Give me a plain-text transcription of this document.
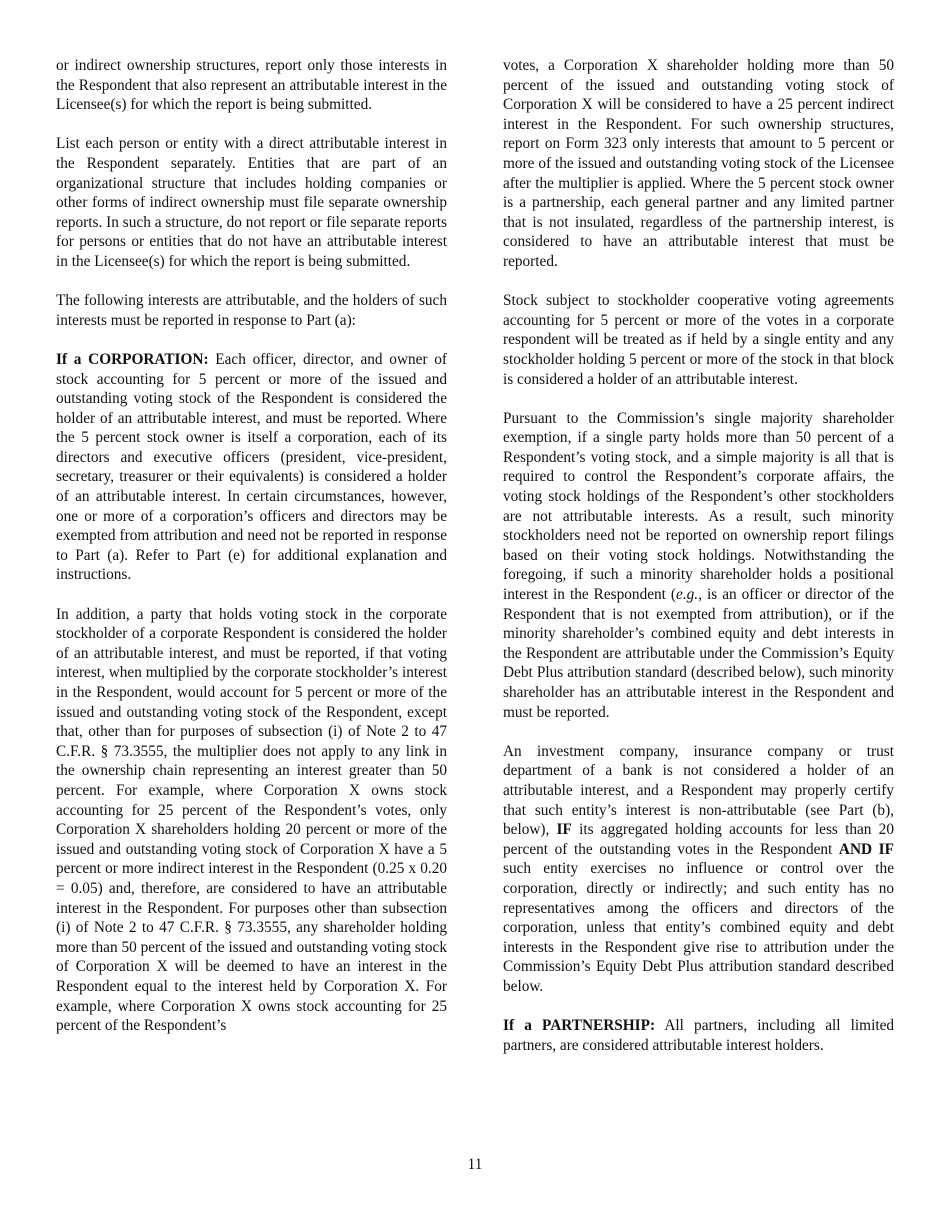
or indirect ownership structures, report only those interests in the Respondent that also represent an attributable interest in the Licensee(s) for which the report is being submitted.

List each person or entity with a direct attributable interest in the Respondent separately. Entities that are part of an organizational structure that includes holding companies or other forms of indirect ownership must file separate ownership reports. In such a structure, do not report or file separate reports for persons or entities that do not have an attributable interest in the Licensee(s) for which the report is being submitted.

The following interests are attributable, and the holders of such interests must be reported in response to Part (a):

If a CORPORATION: Each officer, director, and owner of stock accounting for 5 percent or more of the issued and outstanding voting stock of the Respondent is considered the holder of an attributable interest, and must be reported. Where the 5 percent stock owner is itself a corporation, each of its directors and executive officers (president, vice-president, secretary, treasurer or their equivalents) is considered a holder of an attributable interest. In certain circumstances, however, one or more of a corporation’s officers and directors may be exempted from attribution and need not be reported in response to Part (a). Refer to Part (e) for additional explanation and instructions.

In addition, a party that holds voting stock in the corporate stockholder of a corporate Respondent is considered the holder of an attributable interest, and must be reported, if that voting interest, when multiplied by the corporate stockholder’s interest in the Respondent, would account for 5 percent or more of the issued and outstanding voting stock of the Respondent, except that, other than for purposes of subsection (i) of Note 2 to 47 C.F.R. § 73.3555, the multiplier does not apply to any link in the ownership chain representing an interest greater than 50 percent. For example, where Corporation X owns stock accounting for 25 percent of the Respondent’s votes, only Corporation X shareholders holding 20 percent or more of the issued and outstanding voting stock of Corporation X have a 5 percent or more indirect interest in the Respondent (0.25 x 0.20 = 0.05) and, therefore, are considered to have an attributable interest in the Respondent. For purposes other than subsection (i) of Note 2 to 47 C.F.R. § 73.3555, any shareholder holding more than 50 percent of the issued and outstanding voting stock of Corporation X will be deemed to have an interest in the Respondent equal to the interest held by Corporation X. For example, where Corporation X owns stock accounting for 25 percent of the Respondent’s

votes, a Corporation X shareholder holding more than 50 percent of the issued and outstanding voting stock of Corporation X will be considered to have a 25 percent indirect interest in the Respondent. For such ownership structures, report on Form 323 only interests that amount to 5 percent or more of the issued and outstanding voting stock of the Licensee after the multiplier is applied. Where the 5 percent stock owner is a partnership, each general partner and any limited partner that is not insulated, regardless of the partnership interest, is considered to have an attributable interest that must be reported.

Stock subject to stockholder cooperative voting agreements accounting for 5 percent or more of the votes in a corporate respondent will be treated as if held by a single entity and any stockholder holding 5 percent or more of the stock in that block is considered a holder of an attributable interest.

Pursuant to the Commission’s single majority shareholder exemption, if a single party holds more than 50 percent of a Respondent’s voting stock, and a simple majority is all that is required to control the Respondent’s corporate affairs, the voting stock holdings of the Respondent’s other stockholders are not attributable interests. As a result, such minority stockholders need not be reported on ownership report filings based on their voting stock holdings. Notwithstanding the foregoing, if such a minority shareholder holds a positional interest in the Respondent (e.g., is an officer or director of the Respondent that is not exempted from attribution), or if the minority shareholder’s combined equity and debt interests in the Respondent are attributable under the Commission’s Equity Debt Plus attribution standard (described below), such minority shareholder has an attributable interest in the Respondent and must be reported.

An investment company, insurance company or trust department of a bank is not considered a holder of an attributable interest, and a Respondent may properly certify that such entity’s interest is non-attributable (see Part (b), below), IF its aggregated holding accounts for less than 20 percent of the outstanding votes in the Respondent AND IF such entity exercises no influence or control over the corporation, directly or indirectly; and such entity has no representatives among the officers and directors of the corporation, unless that entity’s combined equity and debt interests in the Respondent give rise to attribution under the Commission’s Equity Debt Plus attribution standard described below.

If a PARTNERSHIP: All partners, including all limited partners, are considered attributable interest holders.

11
